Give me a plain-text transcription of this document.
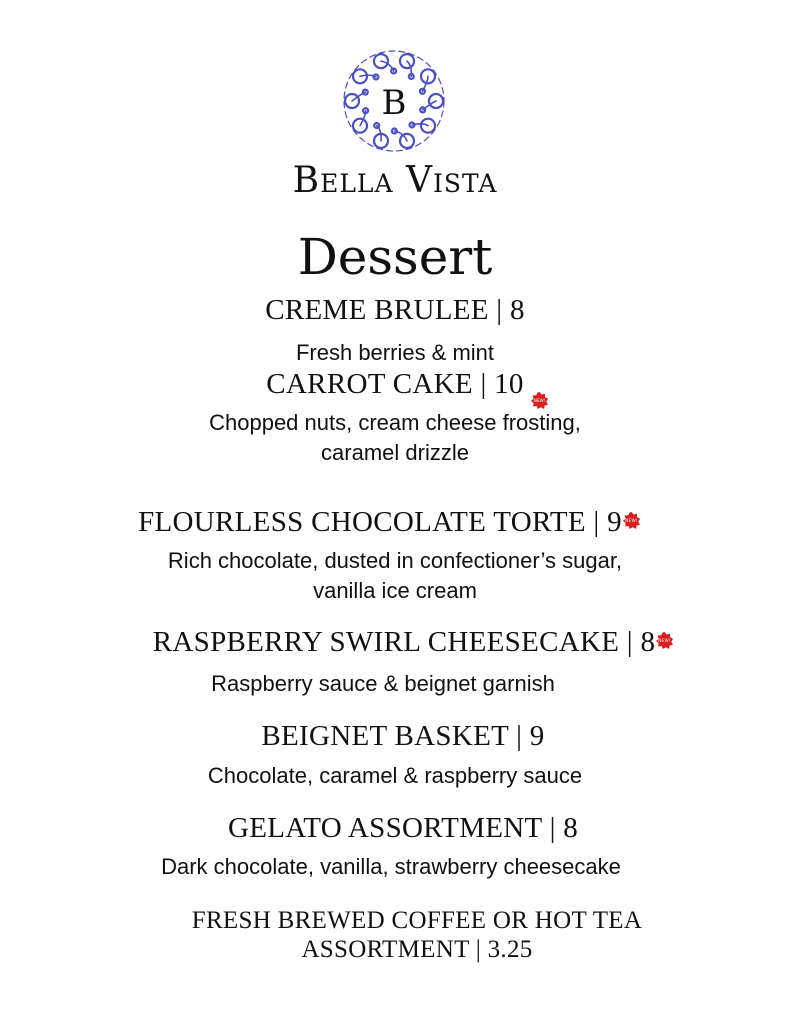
B
Bella Vista
Dessert
CREME BRULEE | 8
Fresh berries & mint
CARROT CAKE | 10
NEW!
Chopped nuts, cream cheese frosting,
caramel drizzle
FLOURLESS CHOCOLATE TORTE | 9 NEW!
Rich chocolate, dusted in confectioner’s sugar,
vanilla ice cream
RASPBERRY SWIRL CHEESECAKE | 8 NEW!
Raspberry sauce & beignet garnish
BEIGNET BASKET | 9
Chocolate, caramel & raspberry sauce
GELATO ASSORTMENT | 8
Dark chocolate, vanilla, strawberry cheesecake
FRESH BREWED COFFEE OR HOT TEA
ASSORTMENT | 3.25
